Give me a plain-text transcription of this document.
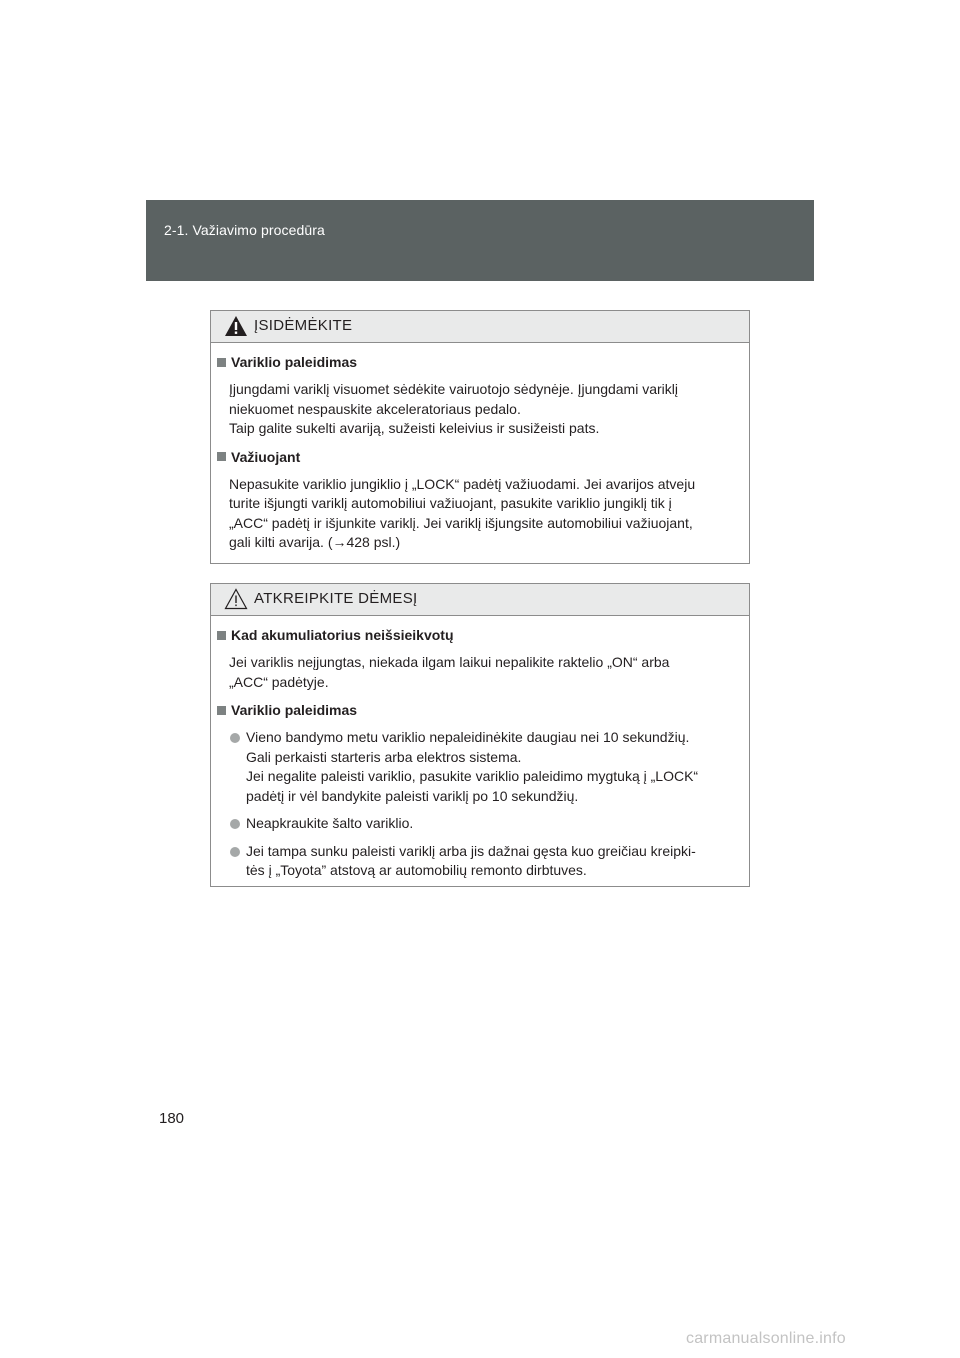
2-1. Važiavimo procedūra
ĮSIDĖMĖKITE
Variklio paleidimas
Įjungdami variklį visuomet sėdėkite vairuotojo sėdynėje. Įjungdami variklį
niekuomet nespauskite akceleratoriaus pedalo.
Taip galite sukelti avariją, sužeisti keleivius ir susižeisti pats.
Važiuojant
Nepasukite variklio jungiklio į „LOCK“ padėtį važiuodami. Jei avarijos atveju
turite išjungti variklį automobiliui važiuojant, pasukite variklio jungiklį tik į
„ACC“ padėtį ir išjunkite variklį. Jei variklį išjungsite automobiliui važiuojant,
gali kilti avarija. (→428 psl.)
ATKREIPKITE DĖMESĮ
Kad akumuliatorius neišsieikvotų
Jei variklis neįjungtas, niekada ilgam laikui nepalikite raktelio „ON“ arba
„ACC“ padėtyje.
Variklio paleidimas
Vieno bandymo metu variklio nepaleidinėkite daugiau nei 10 sekundžių.
Gali perkaisti starteris arba elektros sistema.
Jei negalite paleisti variklio, pasukite variklio paleidimo mygtuką į „LOCK“
padėtį ir vėl bandykite paleisti variklį po 10 sekundžių.
Neapkraukite šalto variklio.
Jei tampa sunku paleisti variklį arba jis dažnai gęsta kuo greičiau kreipki-
tės į „Toyota” atstovą ar automobilių remonto dirbtuves.
180
carmanualsonline.info
